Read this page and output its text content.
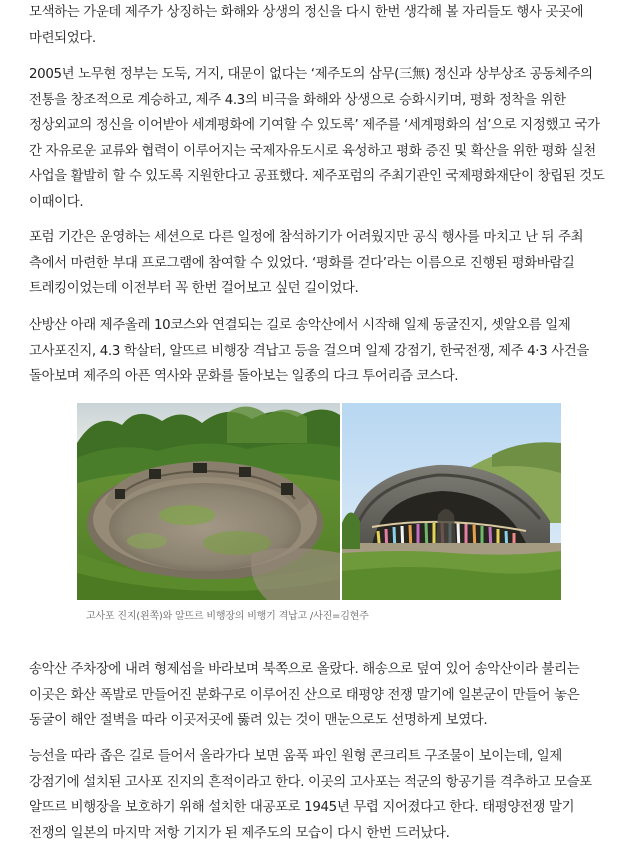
모색하는 가운데 제주가 상징하는 화해와 상생의 정신을 다시 한번 생각해 볼 자리들도 행사 곳곳에 마련되었다.

2005년 노무현 정부는 도둑, 거지, 대문이 없다는 ‘제주도의 삼무(三無) 정신과 상부상조 공동체주의 전통을 창조적으로 계승하고, 제주 4.3의 비극을 화해와 상생으로 승화시키며, 평화 정착을 위한 정상외교의 정신을 이어받아 세계평화에 기여할 수 있도록’ 제주를 ‘세계평화의 섬’으로 지정했고 국가 간 자유로운 교류와 협력이 이루어지는 국제자유도시로 육성하고 평화 증진 및 확산을 위한 평화 실천 사업을 활발히 할 수 있도록 지원한다고 공표했다. 제주포럼의 주최기관인 국제평화재단이 창립된 것도 이때이다.

포럼 기간은 운영하는 세션으로 다른 일정에 참석하기가 어려웠지만 공식 행사를 마치고 난 뒤 주최 측에서 마련한 부대 프로그램에 참여할 수 있었다. ‘평화를 걷다’라는 이름으로 진행된 평화바람길 트레킹이었는데 이전부터 꼭 한번 걸어보고 싶던 길이었다.

산방산 아래 제주올레 10코스와 연결되는 길로 송악산에서 시작해 일제 동굴진지, 셋알오름 일제 고사포진지, 4.3 학살터, 알뜨르 비행장 격납고 등을 걸으며 일제 강점기, 한국전쟁, 제주 4·3 사건을 돌아보며 제주의 아픈 역사와 문화를 돌아보는 일종의 다크 투어리즘 코스다.

고사포 진지(왼쪽)와 알뜨르 비행장의 비행기 격납고 /사진=김현주

송악산 주차장에 내려 형제섬을 바라보며 북쪽으로 올랐다. 해송으로 덮여 있어 송악산이라 불리는 이곳은 화산 폭발로 만들어진 분화구로 이루어진 산으로 태평양 전쟁 말기에 일본군이 만들어 놓은 동굴이 해안 절벽을 따라 이곳저곳에 뚫려 있는 것이 맨눈으로도 선명하게 보였다.

능선을 따라 좁은 길로 들어서 올라가다 보면 움푹 파인 원형 콘크리트 구조물이 보이는데, 일제 강점기에 설치된 고사포 진지의 흔적이라고 한다. 이곳의 고사포는 적군의 항공기를 격추하고 모슬포 알뜨르 비행장을 보호하기 위해 설치한 대공포로 1945년 무렵 지어졌다고 한다. 태평양전쟁 말기 전쟁의 일본의 마지막 저항 기지가 된 제주도의 모습이 다시 한번 드러났다.
